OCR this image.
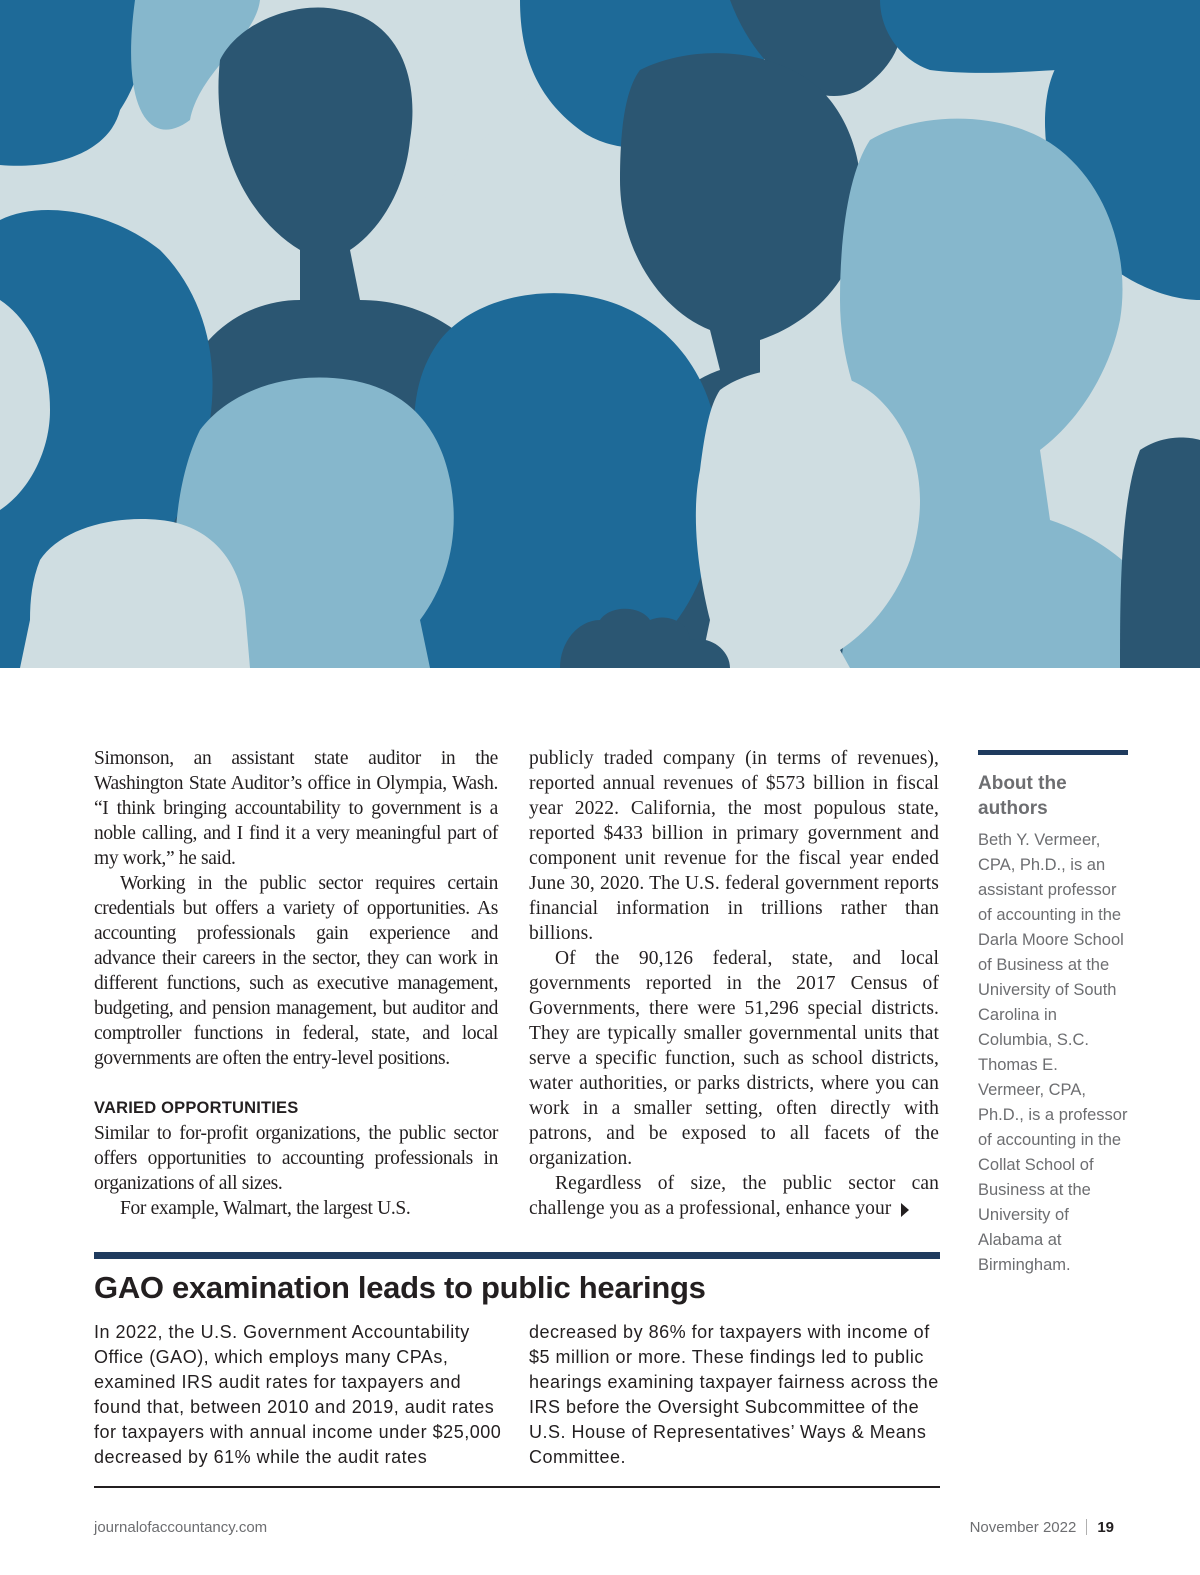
Simonson, an assistant state auditor in the Washington State Auditor’s office in Olympia, Wash. “I think bringing accountability to government is a noble calling, and I find it a very meaningful part of my work,” he said.

Working in the public sector requires certain credentials but offers a variety of opportunities. As accounting professionals gain experience and advance their careers in the sector, they can work in different functions, such as executive management, budgeting, and pension management, but auditor and comptroller functions in federal, state, and local governments are often the entry-level positions.

VARIED OPPORTUNITIES

Similar to for-profit organizations, the public sector offers opportunities to accounting professionals in organizations of all sizes.

For example, Walmart, the largest U.S.

publicly traded company (in terms of revenues), reported annual revenues of $573 billion in fiscal year 2022. California, the most populous state, reported $433 billion in primary government and component unit revenue for the fiscal year ended June 30, 2020. The U.S. federal government reports financial information in trillions rather than billions.

Of the 90,126 federal, state, and local governments reported in the 2017 Census of Governments, there were 51,296 special districts. They are typically smaller governmental units that serve a specific function, such as school districts, water authorities, or parks districts, where you can work in a smaller setting, often directly with patrons, and be exposed to all facets of the organization.

Regardless of size, the public sector can challenge you as a professional, enhance your

About the authors

Beth Y. Vermeer, CPA, Ph.D., is an assistant professor of accounting in the Darla Moore School of Business at the University of South Carolina in Columbia, S.C.

Thomas E. Vermeer, CPA, Ph.D., is a professor of accounting in the Collat School of Business at the University of Alabama at Birmingham.

GAO examination leads to public hearings

In 2022, the U.S. Government Accountability Office (GAO), which employs many CPAs, examined IRS audit rates for taxpayers and found that, between 2010 and 2019, audit rates for taxpayers with annual income under $25,000 decreased by 61% while the audit rates

decreased by 86% for taxpayers with income of $5 million or more. These findings led to public hearings examining taxpayer fairness across the IRS before the Oversight Subcommittee of the U.S. House of Representatives’ Ways & Means Committee.

journalofaccountancy.com	November 2022 19
